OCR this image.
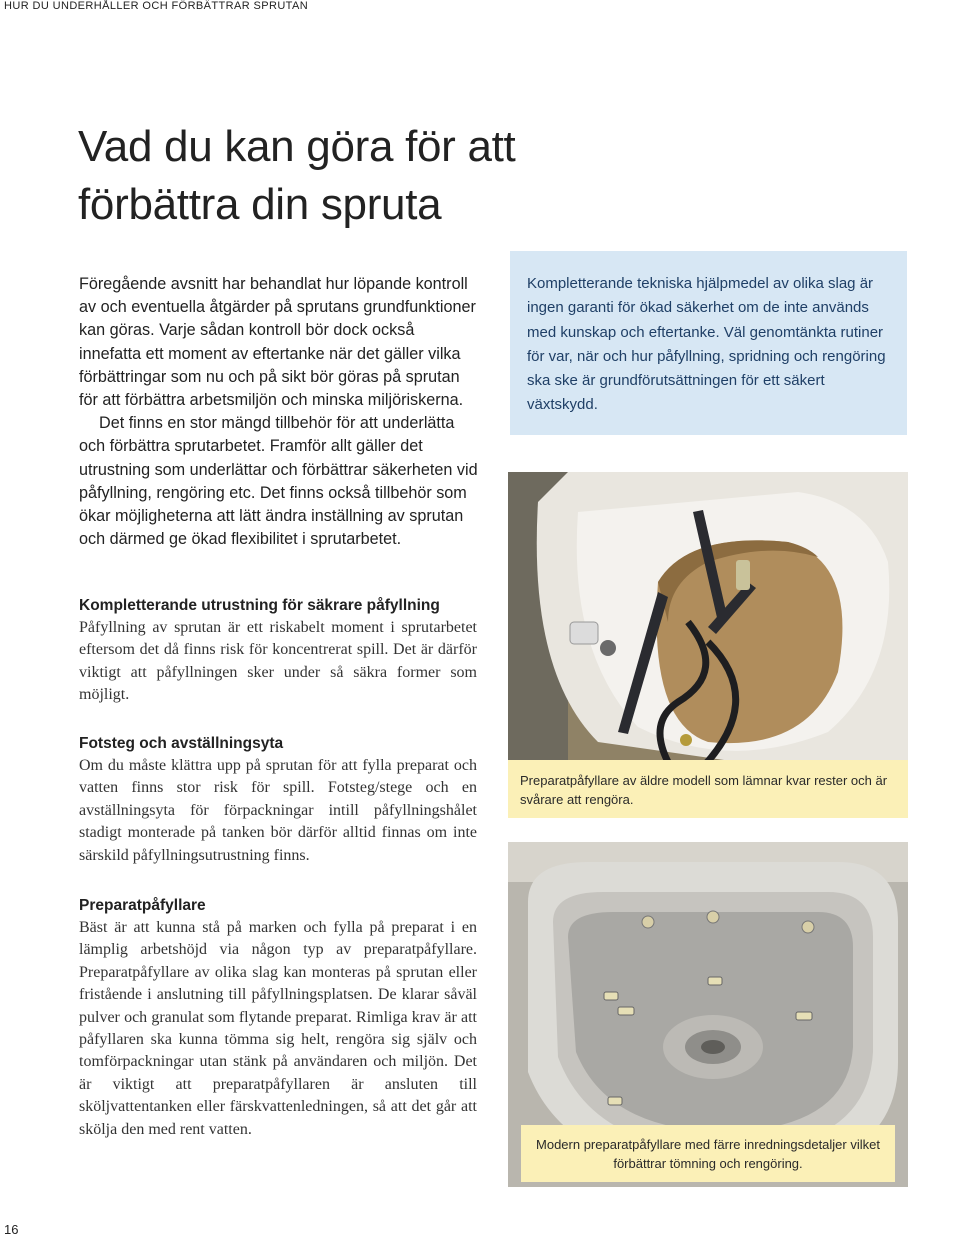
HUR DU UNDERHÅLLER OCH FÖRBÄTTRAR SPRUTAN
Vad du kan göra för att
förbättra din spruta

Föregående avsnitt har behandlat hur löpande kontroll av och eventuella åtgärder på sprutans grundfunktioner kan göras. Varje sådan kontroll bör dock också innefatta ett moment av eftertanke när det gäller vilka förbättringar som nu och på sikt bör göras på sprutan för att förbättra arbetsmiljön och minska miljöriskerna.

Det finns en stor mängd tillbehör för att underlätta och förbättra sprutarbetet. Framför allt gäller det utrustning som underlättar och förbättrar säkerheten vid påfyllning, rengöring etc. Det finns också tillbehör som ökar möjligheterna att lätt ändra inställning av sprutan och därmed ge ökad flexibilitet i sprutarbetet.

Kompletterande tekniska hjälpmedel av olika slag är ingen garanti för ökad säkerhet om de inte används med kunskap och eftertanke. Väl genomtänkta rutiner för var, när och hur påfyllning, spridning och rengöring ska ske är grundförutsättningen för ett säkert växtskydd.

Kompletterande utrustning för säkrare påfyllning

Påfyllning av sprutan är ett riskabelt moment i sprutarbetet eftersom det då finns risk för koncentrerat spill. Det är därför viktigt att påfyllningen sker under så säkra former som möjligt.

Fotsteg och avställningsyta

Om du måste klättra upp på sprutan för att fylla preparat och vatten finns stor risk för spill. Fotsteg/stege och en avställningsyta för förpackningar intill påfyllningshålet stadigt monterade på tanken bör därför alltid finnas om inte särskild påfyllningsutrustning finns.

Preparatpåfyllare

Bäst är att kunna stå på marken och fylla på preparat i en lämplig arbetshöjd via någon typ av preparatpåfyllare. Preparatpåfyllare av olika slag kan monteras på sprutan eller fristående i anslutning till påfyllningsplatsen. De klarar såväl pulver och granulat som flytande preparat. Rimliga krav är att påfyllaren ska kunna tömma sig helt, rengöra sig själv och tomförpackningar utan stänk på användaren och miljön. Det är viktigt att preparatpåfyllaren är ansluten till sköljvattentanken eller färskvattenledningen, så att det går att skölja den med rent vatten.

Preparatpåfyllare av äldre modell som lämnar kvar rester och är svårare att rengöra.
Modern preparatpåfyllare med färre inredningsdetaljer vilket förbättrar tömning och rengöring.
16
